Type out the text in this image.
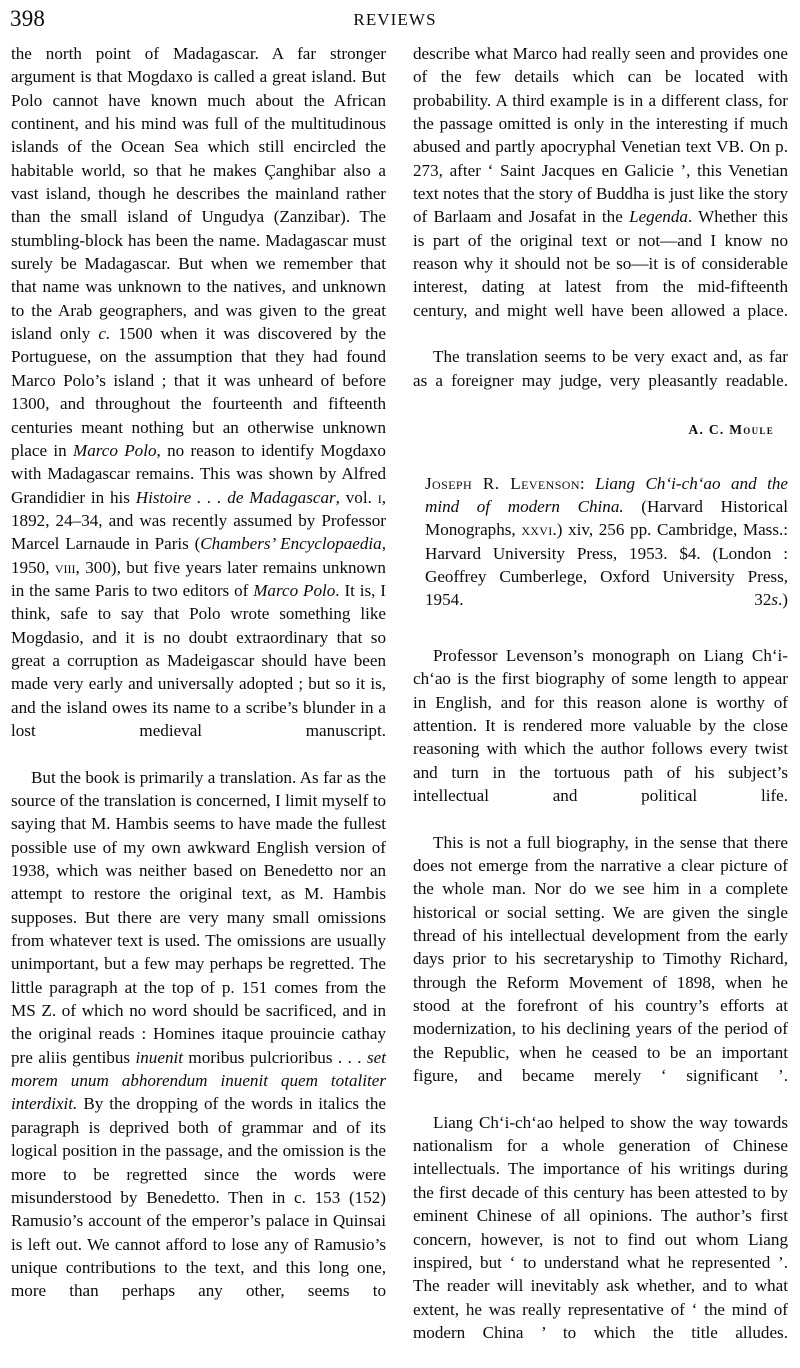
398	REVIEWS

the north point of Madagascar. A far stronger argument is that Mogdaxo is called a great island. But Polo cannot have known much about the African continent, and his mind was full of the multitudinous islands of the Ocean Sea which still encircled the habitable world, so that he makes Çanghibar also a vast island, though he describes the mainland rather than the small island of Ungudya (Zanzibar). The stumbling-block has been the name. Madagascar must surely be Madagascar. But when we remember that that name was unknown to the natives, and unknown to the Arab geographers, and was given to the great island only c. 1500 when it was discovered by the Portuguese, on the assumption that they had found Marco Polo’s island ; that it was unheard of before 1300, and throughout the fourteenth and fifteenth centuries meant nothing but an otherwise unknown place in Marco Polo, no reason to identify Mogdaxo with Madagascar remains. This was shown by Alfred Grandidier in his Histoire . . . de Madagascar, vol. i, 1892, 24–34, and was recently assumed by Professor Marcel Larnaude in Paris (Chambers’ Encyclopaedia, 1950, viii, 300), but five years later remains unknown in the same Paris to two editors of Marco Polo. It is, I think, safe to say that Polo wrote something like Mogdasio, and it is no doubt extraordinary that so great a corruption as Madeigascar should have been made very early and universally adopted ; but so it is, and the island owes its name to a scribe’s blunder in a lost medieval manuscript.

But the book is primarily a translation. As far as the source of the translation is concerned, I limit myself to saying that M. Hambis seems to have made the fullest possible use of my own awkward English version of 1938, which was neither based on Benedetto nor an attempt to restore the original text, as M. Hambis supposes. But there are very many small omissions from whatever text is used. The omissions are usually unimportant, but a few may perhaps be regretted. The little paragraph at the top of p. 151 comes from the MS Z. of which no word should be sacrificed, and in the original reads : Homines itaque prouincie cathay pre aliis gentibus inuenit moribus pulcrioribus . . . set morem unum abhorendum inuenit quem totaliter interdixit. By the dropping of the words in italics the paragraph is deprived both of grammar and of its logical position in the passage, and the omission is the more to be regretted since the words were misunderstood by Benedetto. Then in c. 153 (152) Ramusio’s account of the emperor’s palace in Quinsai is left out. We cannot afford to lose any of Ramusio’s unique contributions to the text, and this long one, more than perhaps any other, seems to

describe what Marco had really seen and provides one of the few details which can be located with probability. A third example is in a different class, for the passage omitted is only in the interesting if much abused and partly apocryphal Venetian text VB. On p. 273, after ‘ Saint Jacques en Galicie ’, this Venetian text notes that the story of Buddha is just like the story of Barlaam and Josafat in the Legenda. Whether this is part of the original text or not—and I know no reason why it should not be so—it is of considerable interest, dating at latest from the mid-fifteenth century, and might well have been allowed a place.

The translation seems to be very exact and, as far as a foreigner may judge, very pleasantly readable.

A. C. Moule
Joseph R. Levenson: Liang Ch‘i-ch‘ao and the mind of modern China. (Harvard Historical Monographs, xxvi.) xiv, 256 pp. Cambridge, Mass.: Harvard University Press, 1953. $4. (London : Geoffrey Cumberlege, Oxford University Press, 1954. 32s.)

Professor Levenson’s monograph on Liang Ch‘i-ch‘ao is the first biography of some length to appear in English, and for this reason alone is worthy of attention. It is rendered more valuable by the close reasoning with which the author follows every twist and turn in the tortuous path of his subject’s intellectual and political life.

This is not a full biography, in the sense that there does not emerge from the narrative a clear picture of the whole man. Nor do we see him in a complete historical or social setting. We are given the single thread of his intellectual development from the early days prior to his secretaryship to Timothy Richard, through the Reform Movement of 1898, when he stood at the forefront of his country’s efforts at modernization, to his declining years of the period of the Republic, when he ceased to be an important figure, and became merely ‘ significant ’.

Liang Ch‘i-ch‘ao helped to show the way towards nationalism for a whole generation of Chinese intellectuals. The importance of his writings during the first decade of this century has been attested to by eminent Chinese of all opinions. The author’s first concern, however, is not to find out whom Liang inspired, but ‘ to understand what he represented ’. The reader will inevitably ask whether, and to what extent, he was really representative of ‘ the mind of modern China ’ to which the title alludes.
